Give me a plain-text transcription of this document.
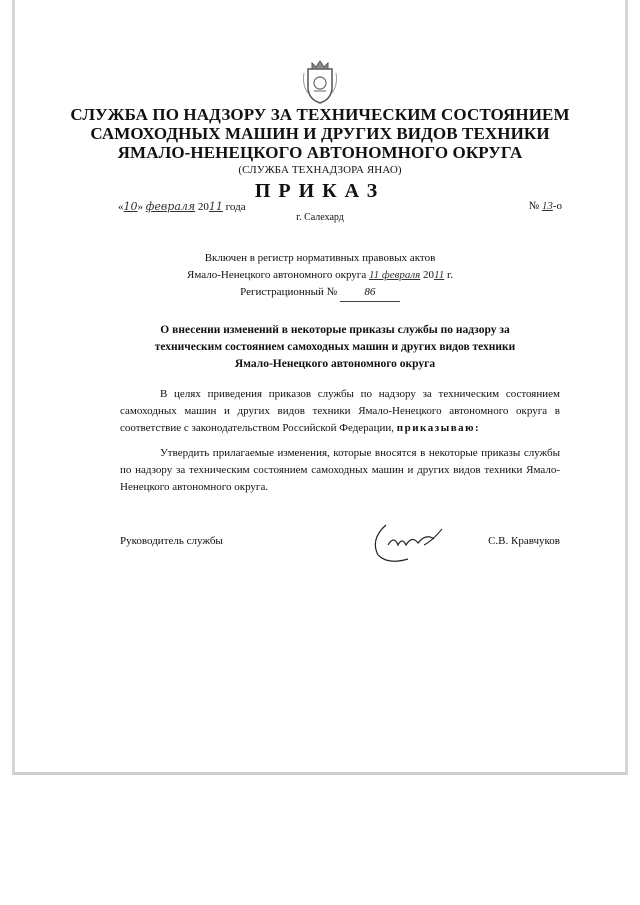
СЛУЖБА ПО НАДЗОРУ ЗА ТЕХНИЧЕСКИМ СОСТОЯНИЕМ
САМОХОДНЫХ МАШИН И ДРУГИХ ВИДОВ ТЕХНИКИ
ЯМАЛО-НЕНЕЦКОГО АВТОНОМНОГО ОКРУГА
(СЛУЖБА ТЕХНАДЗОРА ЯНАО)
ПРИКАЗ
«10» февраля 2011 года	№ 13-о
г. Салехард
Включен в регистр нормативных правовых актов
Ямало-Ненецкого автономного округа 11 февраля 2011 г.
Регистрационный № 86
О внесении изменений в некоторые приказы службы по надзору за
техническим состоянием самоходных машин и других видов техники
Ямало-Ненецкого автономного округа
В целях приведения приказов службы по надзору за техническим состоянием самоходных машин и других видов техники Ямало-Ненецкого автономного округа в соответствие с законодательством Российской Федерации, приказываю:
Утвердить прилагаемые изменения, которые вносятся в некоторые приказы службы по надзору за техническим состоянием самоходных машин и других видов техники Ямало-Ненецкого автономного округа.
Руководитель службы	С.В. Кравчуков
